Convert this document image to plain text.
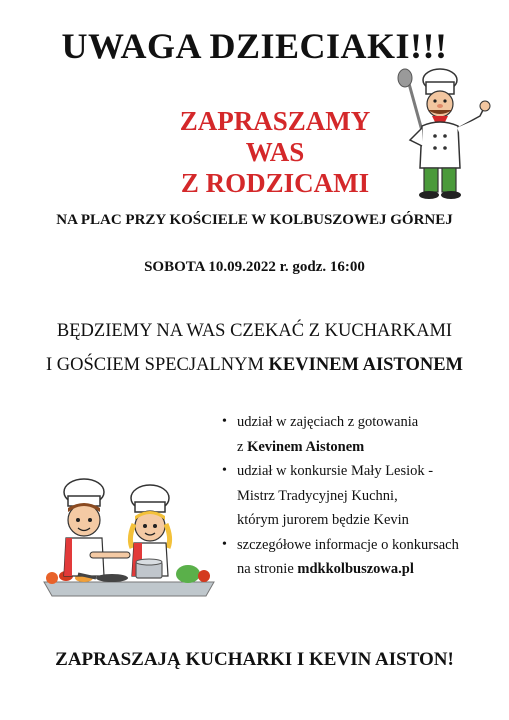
UWAGA DZIECIAKI!!!
ZAPRASZAMY WAS
Z RODZICAMI
NA PLAC PRZY KOŚCIELE W KOLBUSZOWEJ GÓRNEJ
SOBOTA 10.09.2022 r. godz. 16:00
BĘDZIEMY NA WAS CZEKAĆ Z KUCHARKAMI
I GOŚCIEM SPECJALNYM KEVINEM AISTONEM
• udział w zajęciach z gotowania
z Kevinem Aistonem
• udział w konkursie Mały Lesiok -
Mistrz Tradycyjnej Kuchni,
którym jurorem będzie Kevin
• szczegółowe informacje o konkursach
na stronie mdkkolbuszowa.pl
ZAPRASZAJĄ KUCHARKI I KEVIN AISTON!
